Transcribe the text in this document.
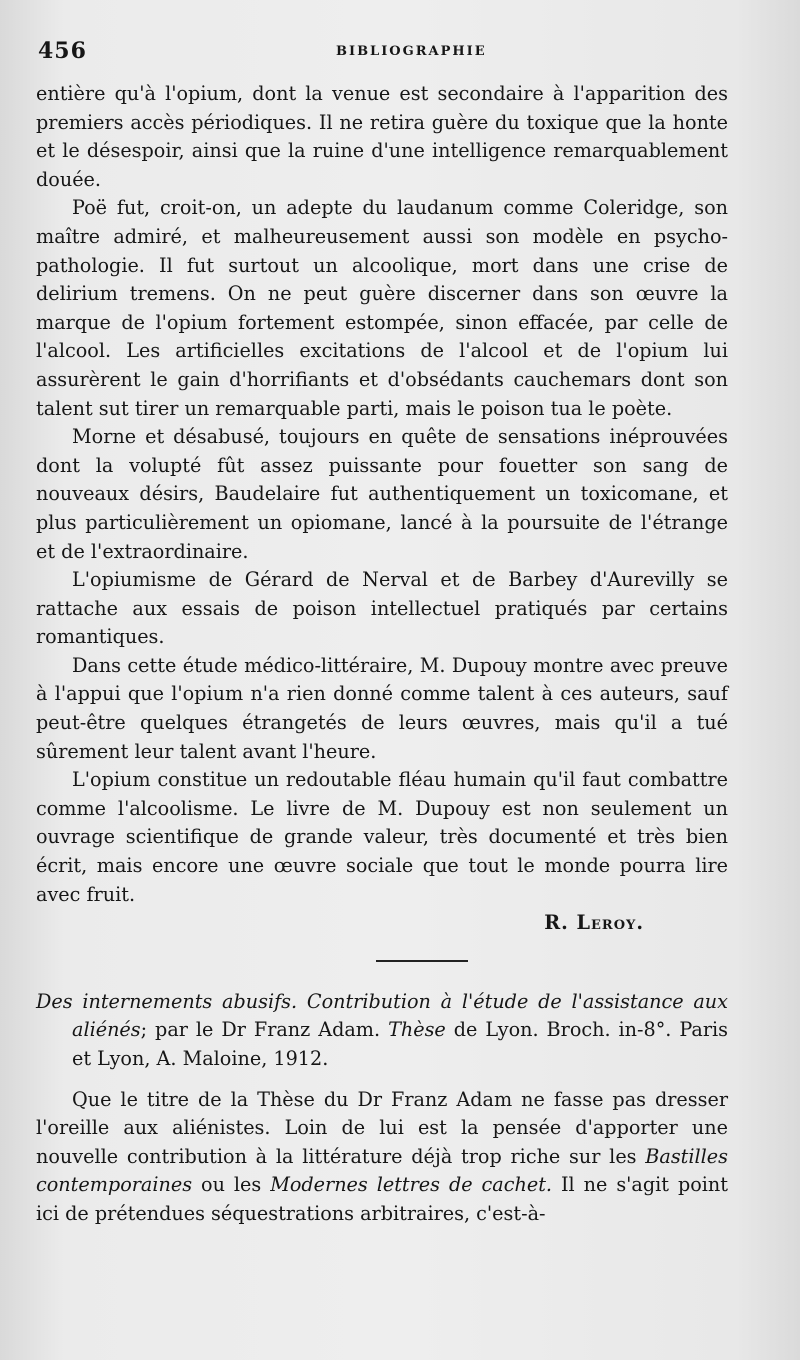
456	BIBLIOGRAPHIE

entière qu'à l'opium, dont la venue est secondaire à l'apparition des premiers accès périodiques. Il ne retira guère du toxique que la honte et le désespoir, ainsi que la ruine d'une intelligence remarquablement douée.

Poë fut, croit-on, un adepte du laudanum comme Coleridge, son maître admiré, et malheureusement aussi son modèle en psycho-pathologie. Il fut surtout un alcoolique, mort dans une crise de delirium tremens. On ne peut guère discerner dans son œuvre la marque de l'opium fortement estompée, sinon effacée, par celle de l'alcool. Les artificielles excitations de l'alcool et de l'opium lui assurèrent le gain d'horrifiants et d'obsédants cauchemars dont son talent sut tirer un remarquable parti, mais le poison tua le poète.

Morne et désabusé, toujours en quête de sensations inéprouvées dont la volupté fût assez puissante pour fouetter son sang de nouveaux désirs, Baudelaire fut authentiquement un toxicomane, et plus particulièrement un opiomane, lancé à la poursuite de l'étrange et de l'extraordinaire.

L'opiumisme de Gérard de Nerval et de Barbey d'Aurevilly se rattache aux essais de poison intellectuel pratiqués par certains romantiques.

Dans cette étude médico-littéraire, M. Dupouy montre avec preuve à l'appui que l'opium n'a rien donné comme talent à ces auteurs, sauf peut-être quelques étrangetés de leurs œuvres, mais qu'il a tué sûrement leur talent avant l'heure.

L'opium constitue un redoutable fléau humain qu'il faut combattre comme l'alcoolisme. Le livre de M. Dupouy est non seulement un ouvrage scientifique de grande valeur, très documenté et très bien écrit, mais encore une œuvre sociale que tout le monde pourra lire avec fruit.

R. Leroy.

Des internements abusifs. Contribution à l'étude de l'assistance aux aliénés; par le Dr Franz Adam. Thèse de Lyon. Broch. in-8°. Paris et Lyon, A. Maloine, 1912.

Que le titre de la Thèse du Dr Franz Adam ne fasse pas dresser l'oreille aux aliénistes. Loin de lui est la pensée d'apporter une nouvelle contribution à la littérature déjà trop riche sur les Bastilles contemporaines ou les Modernes lettres de cachet. Il ne s'agit point ici de prétendues séquestrations arbitraires, c'est-à-
